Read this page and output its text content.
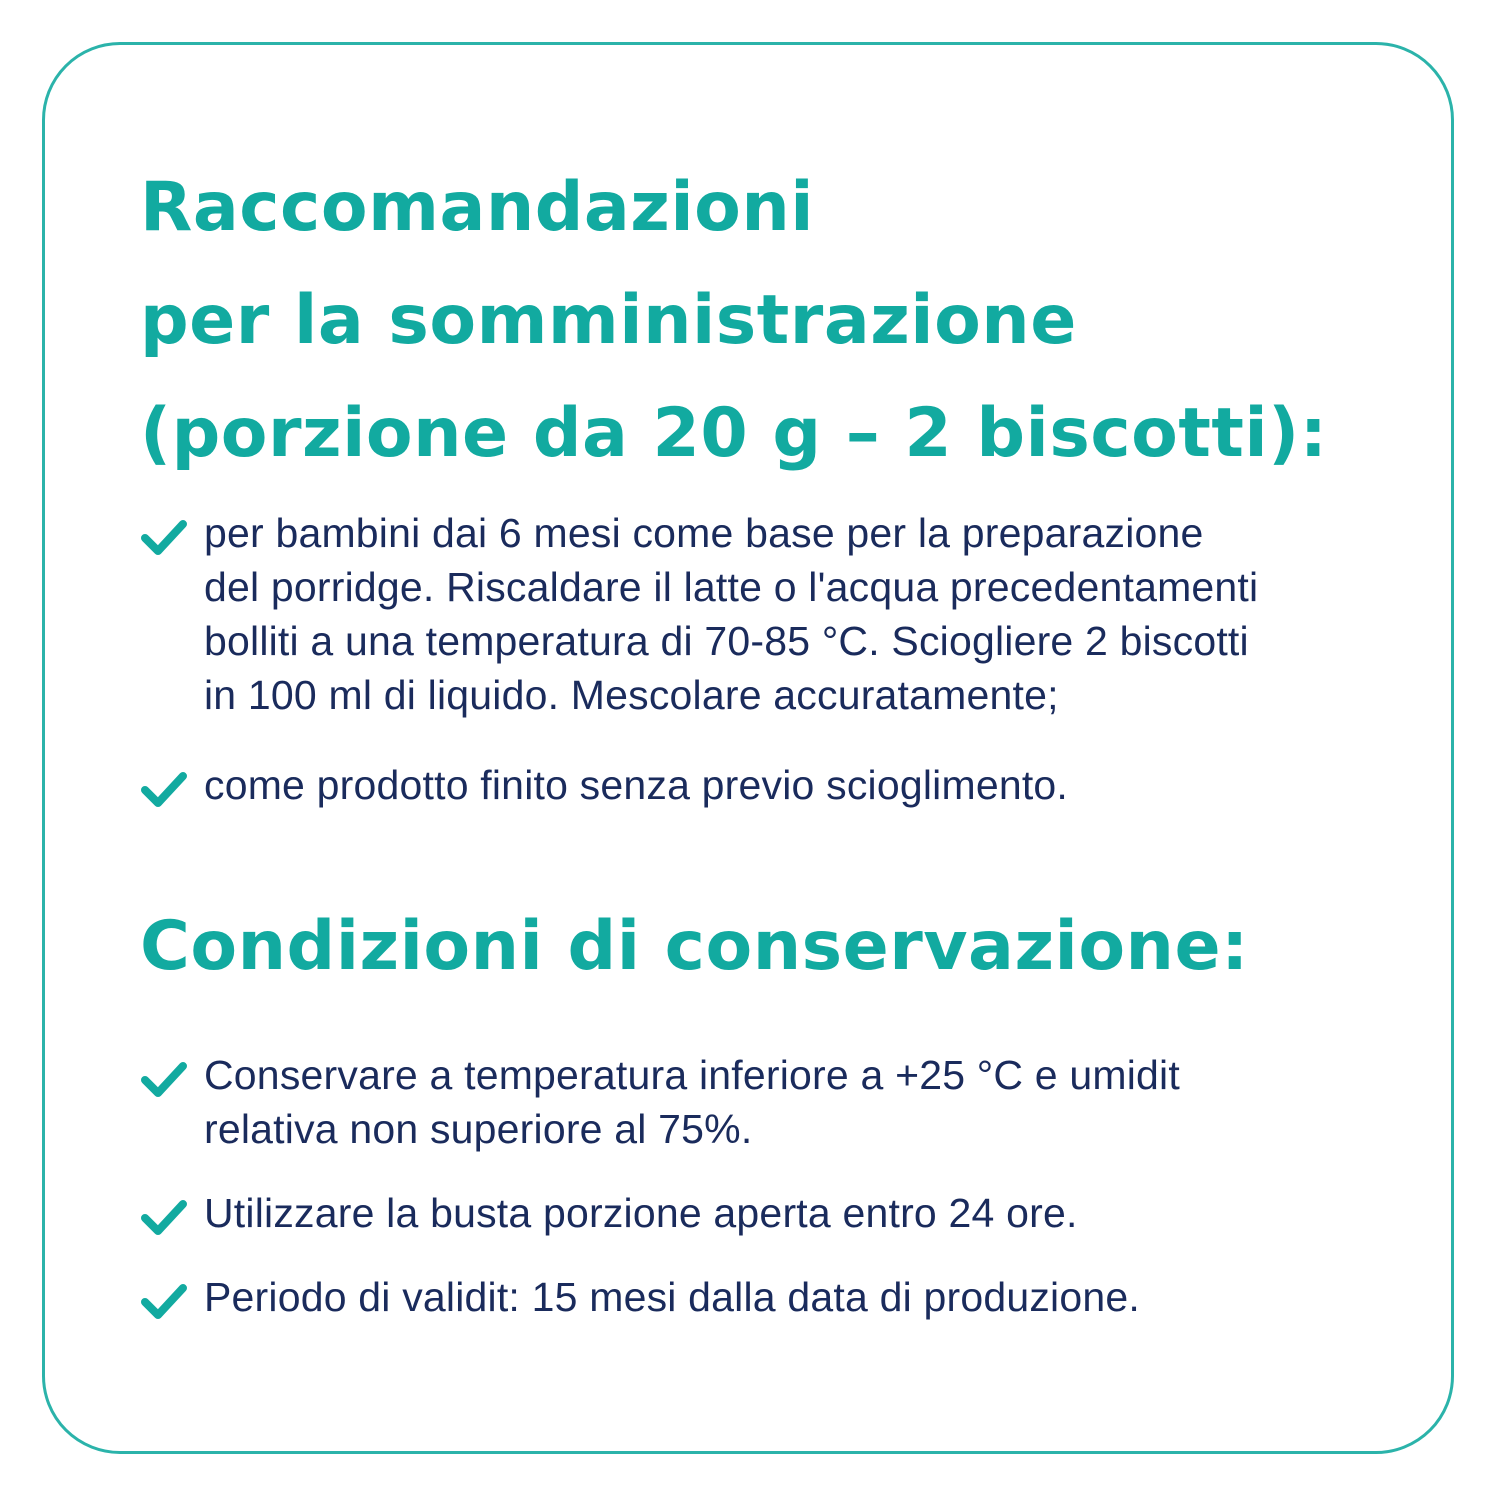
Raccomandazioni
per la somministrazione
(porzione da 20 g – 2 biscotti):
per bambini dai 6 mesi come base per la preparazione
del porridge. Riscaldare il latte o l'acqua precedentamenti
bolliti a una temperatura di 70-85 °C. Sciogliere 2 biscotti
in 100 ml di liquido. Mescolare accuratamente;
come prodotto finito senza previo scioglimento.
Condizioni di conservazione:
Conservare a temperatura inferiore a +25 °C e umidit
relativa non superiore al 75%.
Utilizzare la busta porzione aperta entro 24 ore.
Periodo di validit: 15 mesi dalla data di produzione.
